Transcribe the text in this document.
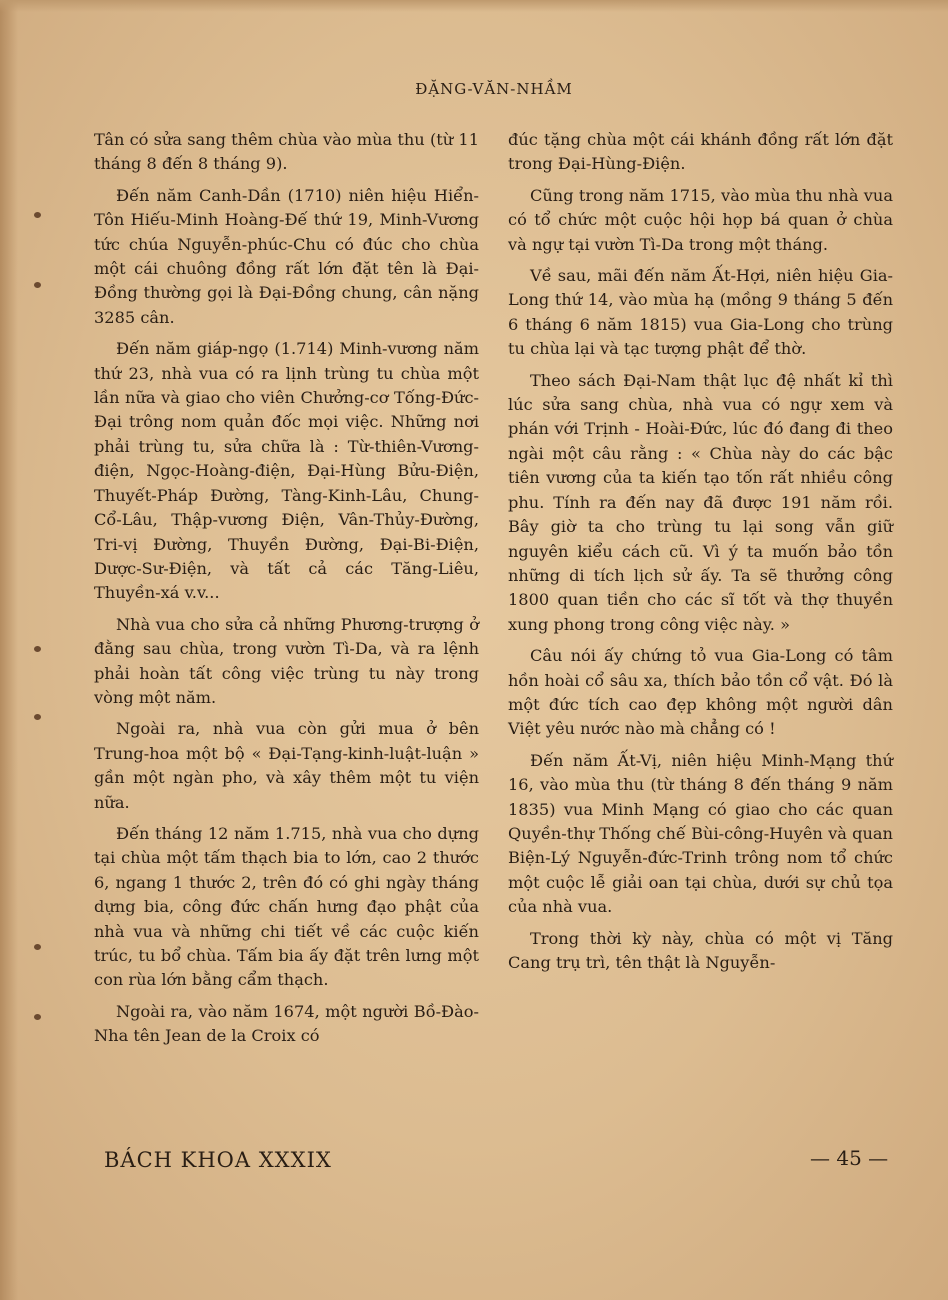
ĐẶNG-VĂN-NHẦM

Tân có sửa sang thêm chùa vào mùa thu (từ 11 tháng 8 đến 8 tháng 9).

Đến năm Canh-Dần (1710) niên hiệu Hiển-Tôn Hiếu-Minh Hoàng-Đế thứ 19, Minh-Vương tức chúa Nguyễn-phúc-Chu có đúc cho chùa một cái chuông đồng rất lớn đặt tên là Đại-Đồng thường gọi là Đại-Đồng chung, cân nặng 3285 cân.

Đến năm giáp-ngọ (1.714) Minh-vương năm thứ 23, nhà vua có ra lịnh trùng tu chùa một lần nữa và giao cho viên Chưởng-cơ Tống-Đức-Đại trông nom quản đốc mọi việc. Những nơi phải trùng tu, sửa chữa là : Từ-thiên-Vương-điện, Ngọc-Hoàng-điện, Đại-Hùng Bửu-Điện, Thuyết-Pháp Đường, Tàng-Kinh-Lâu, Chung-Cổ-Lâu, Thập-vương Điện, Vân-Thủy-Đường, Tri-vị Đường, Thuyền Đường, Đại-Bi-Điện, Dược-Sư-Điện, và tất cả các Tăng-Liêu, Thuyền-xá v.v...

Nhà vua cho sửa cả những Phương-trượng ở đằng sau chùa, trong vườn Tì-Da, và ra lệnh phải hoàn tất công việc trùng tu này trong vòng một năm.

Ngoài ra, nhà vua còn gửi mua ở bên Trung-hoa một bộ « Đại-Tạng-kinh-luật-luận » gần một ngàn pho, và xây thêm một tu viện nữa.

Đến tháng 12 năm 1.715, nhà vua cho dựng tại chùa một tấm thạch bia to lớn, cao 2 thước 6, ngang 1 thước 2, trên đó có ghi ngày tháng dựng bia, công đức chấn hưng đạo phật của nhà vua và những chi tiết về các cuộc kiến trúc, tu bổ chùa. Tấm bia ấy đặt trên lưng một con rùa lớn bằng cẩm thạch.

Ngoài ra, vào năm 1674, một người Bồ-Đào-Nha tên Jean de la Croix có

đúc tặng chùa một cái khánh đồng rất lớn đặt trong Đại-Hùng-Điện.

Cũng trong năm 1715, vào mùa thu nhà vua có tổ chức một cuộc hội họp bá quan ở chùa và ngự tại vườn Tì-Da trong một tháng.

Về sau, mãi đến năm Ất-Hợi, niên hiệu Gia-Long thứ 14, vào mùa hạ (mồng 9 tháng 5 đến 6 tháng 6 năm 1815) vua Gia-Long cho trùng tu chùa lại và tạc tượng phật để thờ.

Theo sách Đại-Nam thật lục đệ nhất kỉ thì lúc sửa sang chùa, nhà vua có ngự xem và phán với Trịnh - Hoài-Đức, lúc đó đang đi theo ngài một câu rằng : « Chùa này do các bậc tiên vương của ta kiến tạo tốn rất nhiều công phu. Tính ra đến nay đã được 191 năm rồi. Bây giờ ta cho trùng tu lại song vẫn giữ nguyên kiểu cách cũ. Vì ý ta muốn bảo tồn những di tích lịch sử ấy. Ta sẽ thưởng công 1800 quan tiền cho các sĩ tốt và thợ thuyền xung phong trong công việc này. »

Câu nói ấy chứng tỏ vua Gia-Long có tâm hồn hoài cổ sâu xa, thích bảo tồn cổ vật. Đó là một đức tích cao đẹp không một người dân Việt yêu nước nào mà chẳng có !

Đến năm Ất-Vị, niên hiệu Minh-Mạng thứ 16, vào mùa thu (từ tháng 8 đến tháng 9 năm 1835) vua Minh Mạng có giao cho các quan Quyền-thự Thống chế Bùi-công-Huyên và quan Biện-Lý Nguyễn-đức-Trinh trông nom tổ chức một cuộc lễ giải oan tại chùa, dưới sự chủ tọa của nhà vua.

Trong thời kỳ này, chùa có một vị Tăng Cang trụ trì, tên thật là Nguyễn-

BÁCH KHOA XXXIX	— 45 —
